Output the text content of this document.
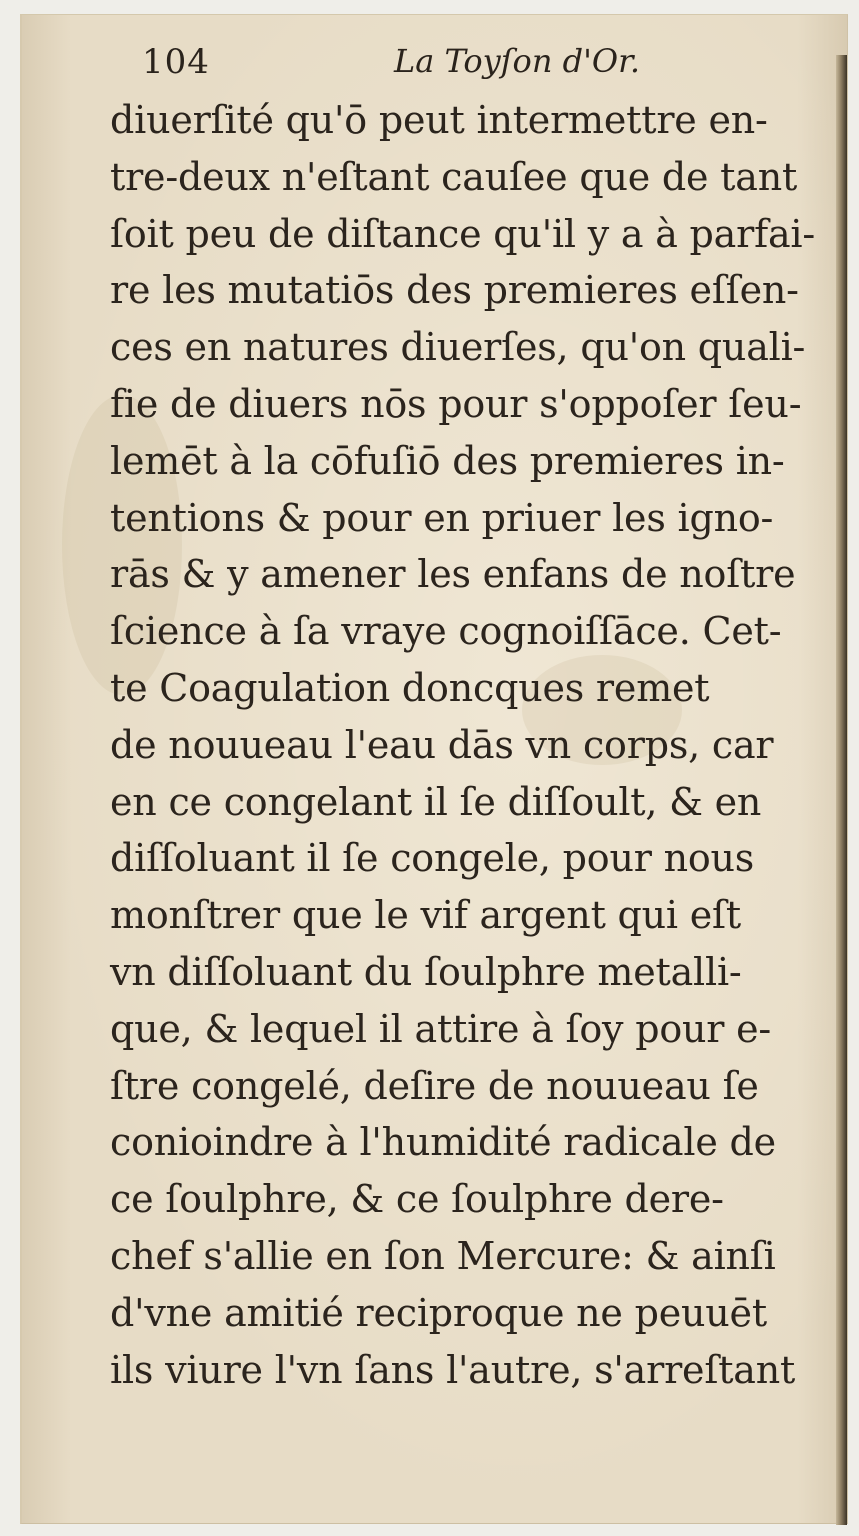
104	La Toyſon d'Or.
diuerſité qu'ō peut intermettre en-
tre-deux n'eſtant cauſee que de tant
ſoit peu de diſtance qu'il y a à parfai-
re les mutatiōs des premieres eſſen-
ces en natures diuerſes, qu'on quali-
fie de diuers nōs pour s'oppoſer ſeu-
lemēt à la cōfuſiō des premieres in-
tentions & pour en priuer les igno-
rās & y amener les enfans de noſtre
ſcience à ſa vraye cognoiſſāce. Cet-
te Coagulation doncques remet
de nouueau l'eau dās vn corps, car
en ce congelant il ſe diſſoult, & en
diſſoluant il ſe congele, pour nous
monſtrer que le vif argent qui eſt
vn diſſoluant du ſoulphre metalli-
que, & lequel il attire à ſoy pour e-
ſtre congelé, deſire de nouueau ſe
conioindre à l'humidité radicale de
ce ſoulphre, & ce ſoulphre dere-
chef s'allie en ſon Mercure: & ainſi
d'vne amitié reciproque ne peuuēt
ils viure l'vn ſans l'autre, s'arreſtant
